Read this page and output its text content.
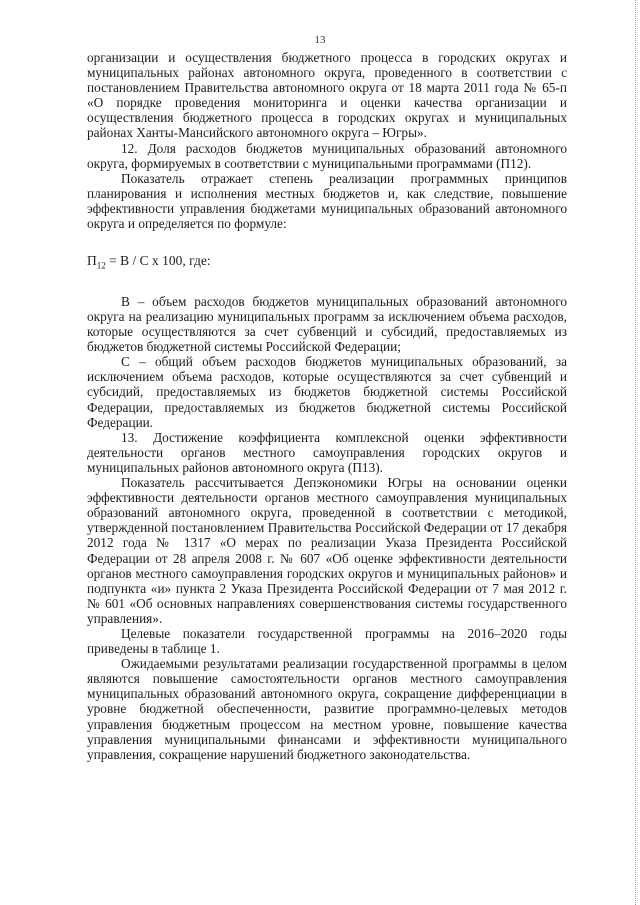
13

организации и осуществления бюджетного процесса в городских округах и муниципальных районах автономного округа, проведенного в соответствии с постановлением Правительства автономного округа от 18 марта 2011 года № 65-п «О порядке проведения мониторинга и оценки качества организации и осуществления бюджетного процесса в городских округах и муниципальных районах Ханты-Мансийского автономного округа – Югры».

12. Доля расходов бюджетов муниципальных образований автономного округа, формируемых в соответствии с муниципальными программами (П12).

Показатель отражает степень реализации программных принципов планирования и исполнения местных бюджетов и, как следствие, повышение эффективности управления бюджетами муниципальных образований автономного округа и определяется по формуле:

$П_{12} = В / С$ х 100, где:

В – объем расходов бюджетов муниципальных образований автономного округа на реализацию муниципальных программ за исключением объема расходов, которые осуществляются за счет субвенций и субсидий, предоставляемых из бюджетов бюджетной системы Российской Федерации;

С – общий объем расходов бюджетов муниципальных образований, за исключением объема расходов, которые осуществляются за счет субвенций и субсидий, предоставляемых из бюджетов бюджетной системы Российской Федерации, предоставляемых из бюджетов бюджетной системы Российской Федерации.

13. Достижение коэффициента комплексной оценки эффективности деятельности органов местного самоуправления городских округов и муниципальных районов автономного округа (П13).

Показатель рассчитывается Депэкономики Югры на основании оценки эффективности деятельности органов местного самоуправления муниципальных образований автономного округа, проведенной в соответствии с методикой, утвержденной постановлением Правительства Российской Федерации от 17 декабря 2012 года № 1317 «О мерах по реализации Указа Президента Российской Федерации от 28 апреля 2008 г. № 607 «Об оценке эффективности деятельности органов местного самоуправления городских округов и муниципальных районов» и подпункта «и» пункта 2 Указа Президента Российской Федерации от 7 мая 2012 г. № 601 «Об основных направлениях совершенствования системы государственного управления».

Целевые показатели государственной программы на 2016–2020 годы приведены в таблице 1.

Ожидаемыми результатами реализации государственной программы в целом являются повышение самостоятельности органов местного самоуправления муниципальных образований автономного округа, сокращение дифференциации в уровне бюджетной обеспеченности, развитие программно-целевых методов управления бюджетным процессом на местном уровне, повышение качества управления муниципальными финансами и эффективности муниципального управления, сокращение нарушений бюджетного законодательства.
